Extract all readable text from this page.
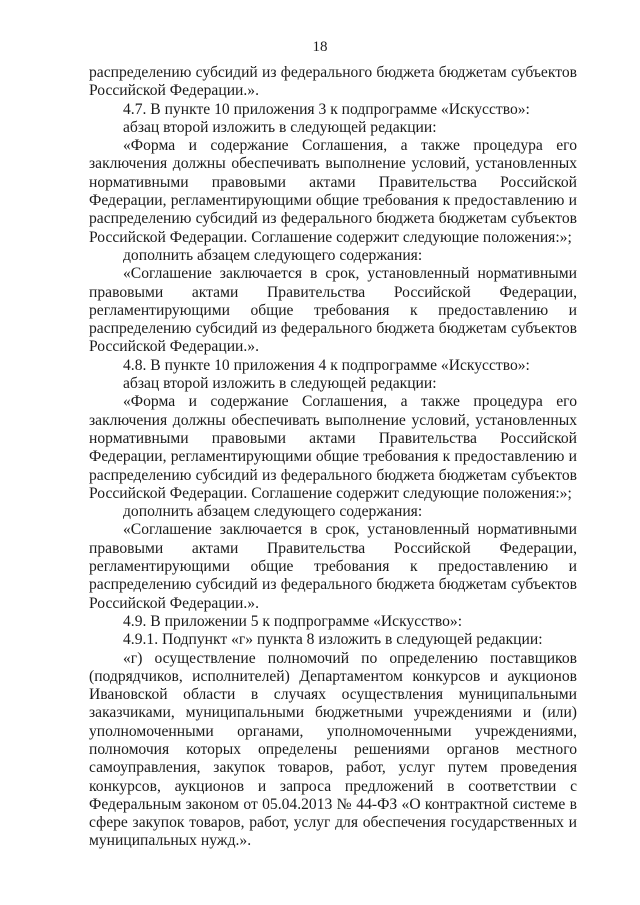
18

распределению субсидий из федерального бюджета бюджетам субъектов Российской Федерации.».

4.7. В пункте 10 приложения 3 к подпрограмме «Искусство»:

абзац второй изложить в следующей редакции:

«Форма и содержание Соглашения, а также процедура его заключения должны обеспечивать выполнение условий, установленных нормативными правовыми актами Правительства Российской Федерации, регламентирующими общие требования к предоставлению и распределению субсидий из федерального бюджета бюджетам субъектов Российской Федерации. Соглашение содержит следующие положения:»;

дополнить абзацем следующего содержания:

«Соглашение заключается в срок, установленный нормативными правовыми актами Правительства Российской Федерации, регламентирующими общие требования к предоставлению и распределению субсидий из федерального бюджета бюджетам субъектов Российской Федерации.».

4.8. В пункте 10 приложения 4 к подпрограмме «Искусство»:

абзац второй изложить в следующей редакции:

«Форма и содержание Соглашения, а также процедура его заключения должны обеспечивать выполнение условий, установленных нормативными правовыми актами Правительства Российской Федерации, регламентирующими общие требования к предоставлению и распределению субсидий из федерального бюджета бюджетам субъектов Российской Федерации. Соглашение содержит следующие положения:»;

дополнить абзацем следующего содержания:

«Соглашение заключается в срок, установленный нормативными правовыми актами Правительства Российской Федерации, регламентирующими общие требования к предоставлению и распределению субсидий из федерального бюджета бюджетам субъектов Российской Федерации.».

4.9. В приложении 5 к подпрограмме «Искусство»:

4.9.1. Подпункт «г» пункта 8 изложить в следующей редакции:

«г) осуществление полномочий по определению поставщиков (подрядчиков, исполнителей) Департаментом конкурсов и аукционов Ивановской области в случаях осуществления муниципальными заказчиками, муниципальными бюджетными учреждениями и (или) уполномоченными органами, уполномоченными учреждениями, полномочия которых определены решениями органов местного самоуправления, закупок товаров, работ, услуг путем проведения конкурсов, аукционов и запроса предложений в соответствии с Федеральным законом от 05.04.2013 № 44-ФЗ «О контрактной системе в сфере закупок товаров, работ, услуг для обеспечения государственных и муниципальных нужд.».
